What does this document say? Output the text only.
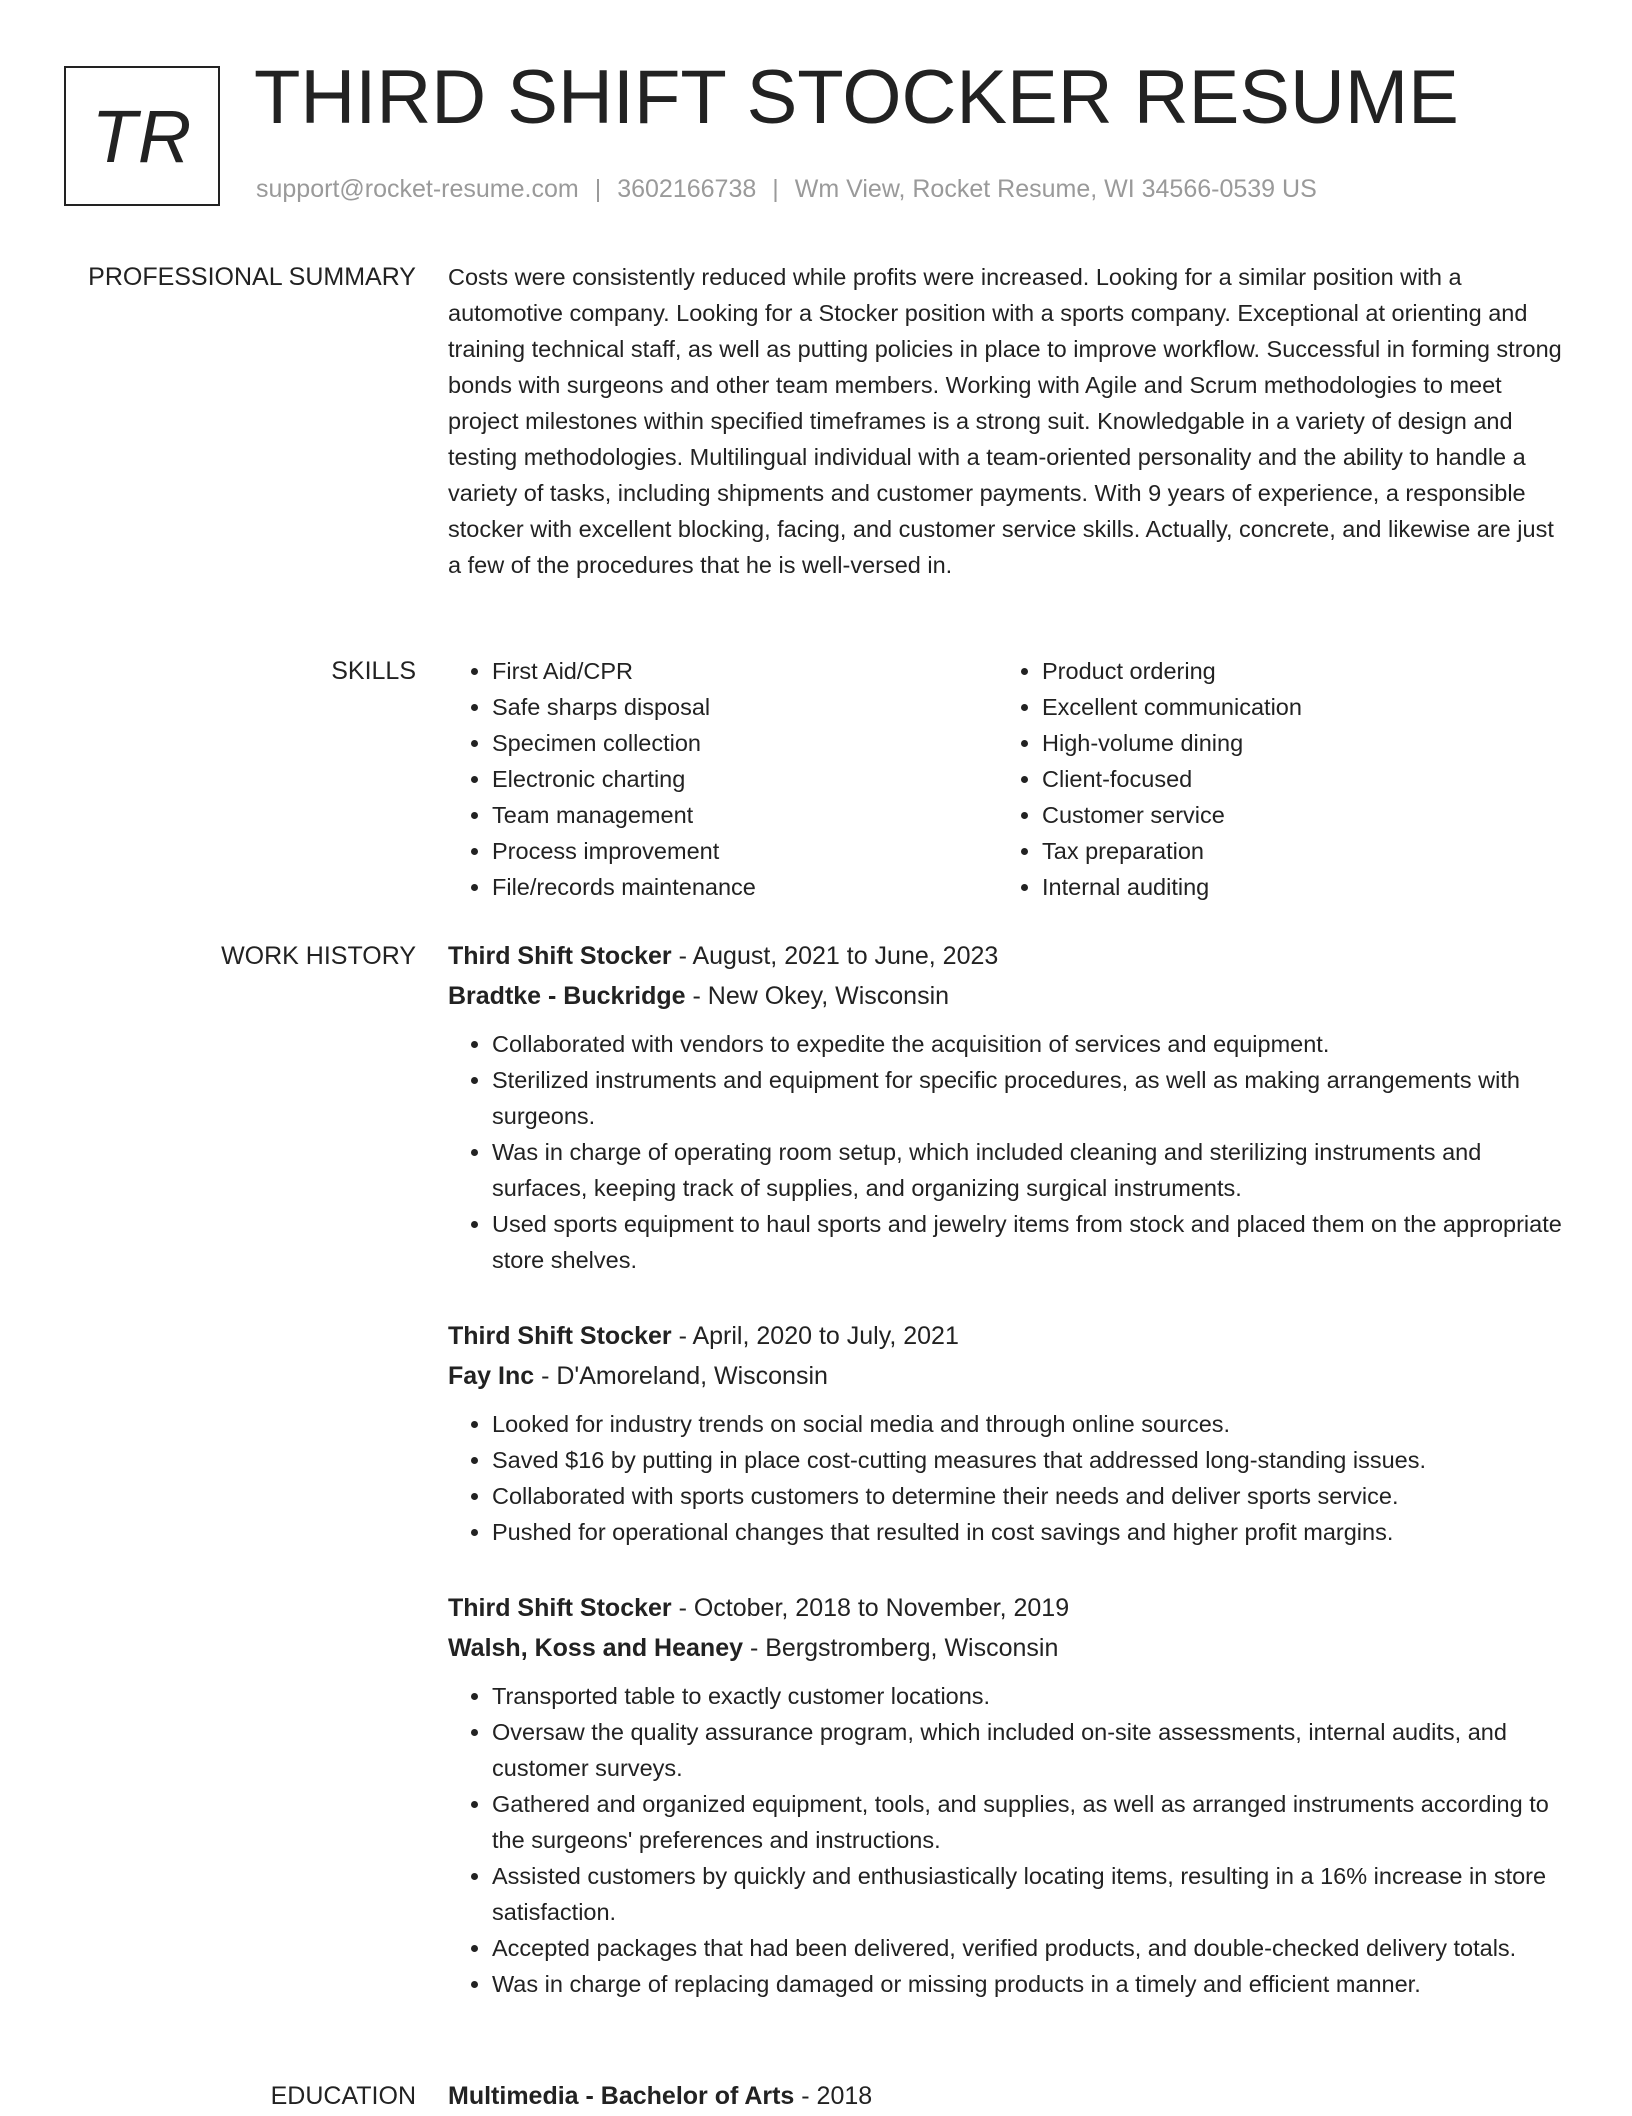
TR THIRD SHIFT STOCKER RESUME
support@rocket-resume.com | 3602166738 | Wm View, Rocket Resume, WI 34566-0539 US
PROFESSIONAL SUMMARY Costs were consistently reduced while profits were increased. Looking for a similar position with a automotive company. Looking for a Stocker position with a sports company. Exceptional at orienting and training technical staff, as well as putting policies in place to improve workflow. Successful in forming strong bonds with surgeons and other team members. Working with Agile and Scrum methodologies to meet project milestones within specified timeframes is a strong suit. Knowledgable in a variety of design and testing methodologies. Multilingual individual with a team-oriented personality and the ability to handle a variety of tasks, including shipments and customer payments. With 9 years of experience, a responsible stocker with excellent blocking, facing, and customer service skills. Actually, concrete, and likewise are just a few of the procedures that he is well-versed in.
SKILLS
•	First Aid/CPR
• Safe sharps disposal
• Specimen collection
• Electronic charting
• Team management
• Process improvement
• File/records maintenance
• Product ordering
• Excellent communication
• High-volume dining
• Client-focused
• Customer service
• Tax preparation
• Internal auditing
WORK HISTORY Third Shift Stocker - August, 2021 to June, 2023
Bradtke - Buckridge - New Okey, Wisconsin
• Collaborated with vendors to expedite the acquisition of services and equipment.
• Sterilized instruments and equipment for specific procedures, as well as making arrangements with surgeons.
• Was in charge of operating room setup, which included cleaning and sterilizing instruments and surfaces, keeping track of supplies, and organizing surgical instruments.
• Used sports equipment to haul sports and jewelry items from stock and placed them on the appropriate store shelves.
Third Shift Stocker - April, 2020 to July, 2021
Fay Inc - D'Amoreland, Wisconsin
• Looked for industry trends on social media and through online sources.
• Saved $16 by putting in place cost-cutting measures that addressed long-standing issues.
• Collaborated with sports customers to determine their needs and deliver sports service.
• Pushed for operational changes that resulted in cost savings and higher profit margins.
Third Shift Stocker - October, 2018 to November, 2019
Walsh, Koss and Heaney - Bergstromberg, Wisconsin
• Transported table to exactly customer locations.
• Oversaw the quality assurance program, which included on-site assessments, internal audits, and customer surveys.
• Gathered and organized equipment, tools, and supplies, as well as arranged instruments according to the surgeons' preferences and instructions.
• Assisted customers by quickly and enthusiastically locating items, resulting in a 16% increase in store satisfaction.
• Accepted packages that had been delivered, verified products, and double-checked delivery totals.
• Was in charge of replacing damaged or missing products in a timely and efficient manner.
EDUCATION Multimedia - Bachelor of Arts - 2018
